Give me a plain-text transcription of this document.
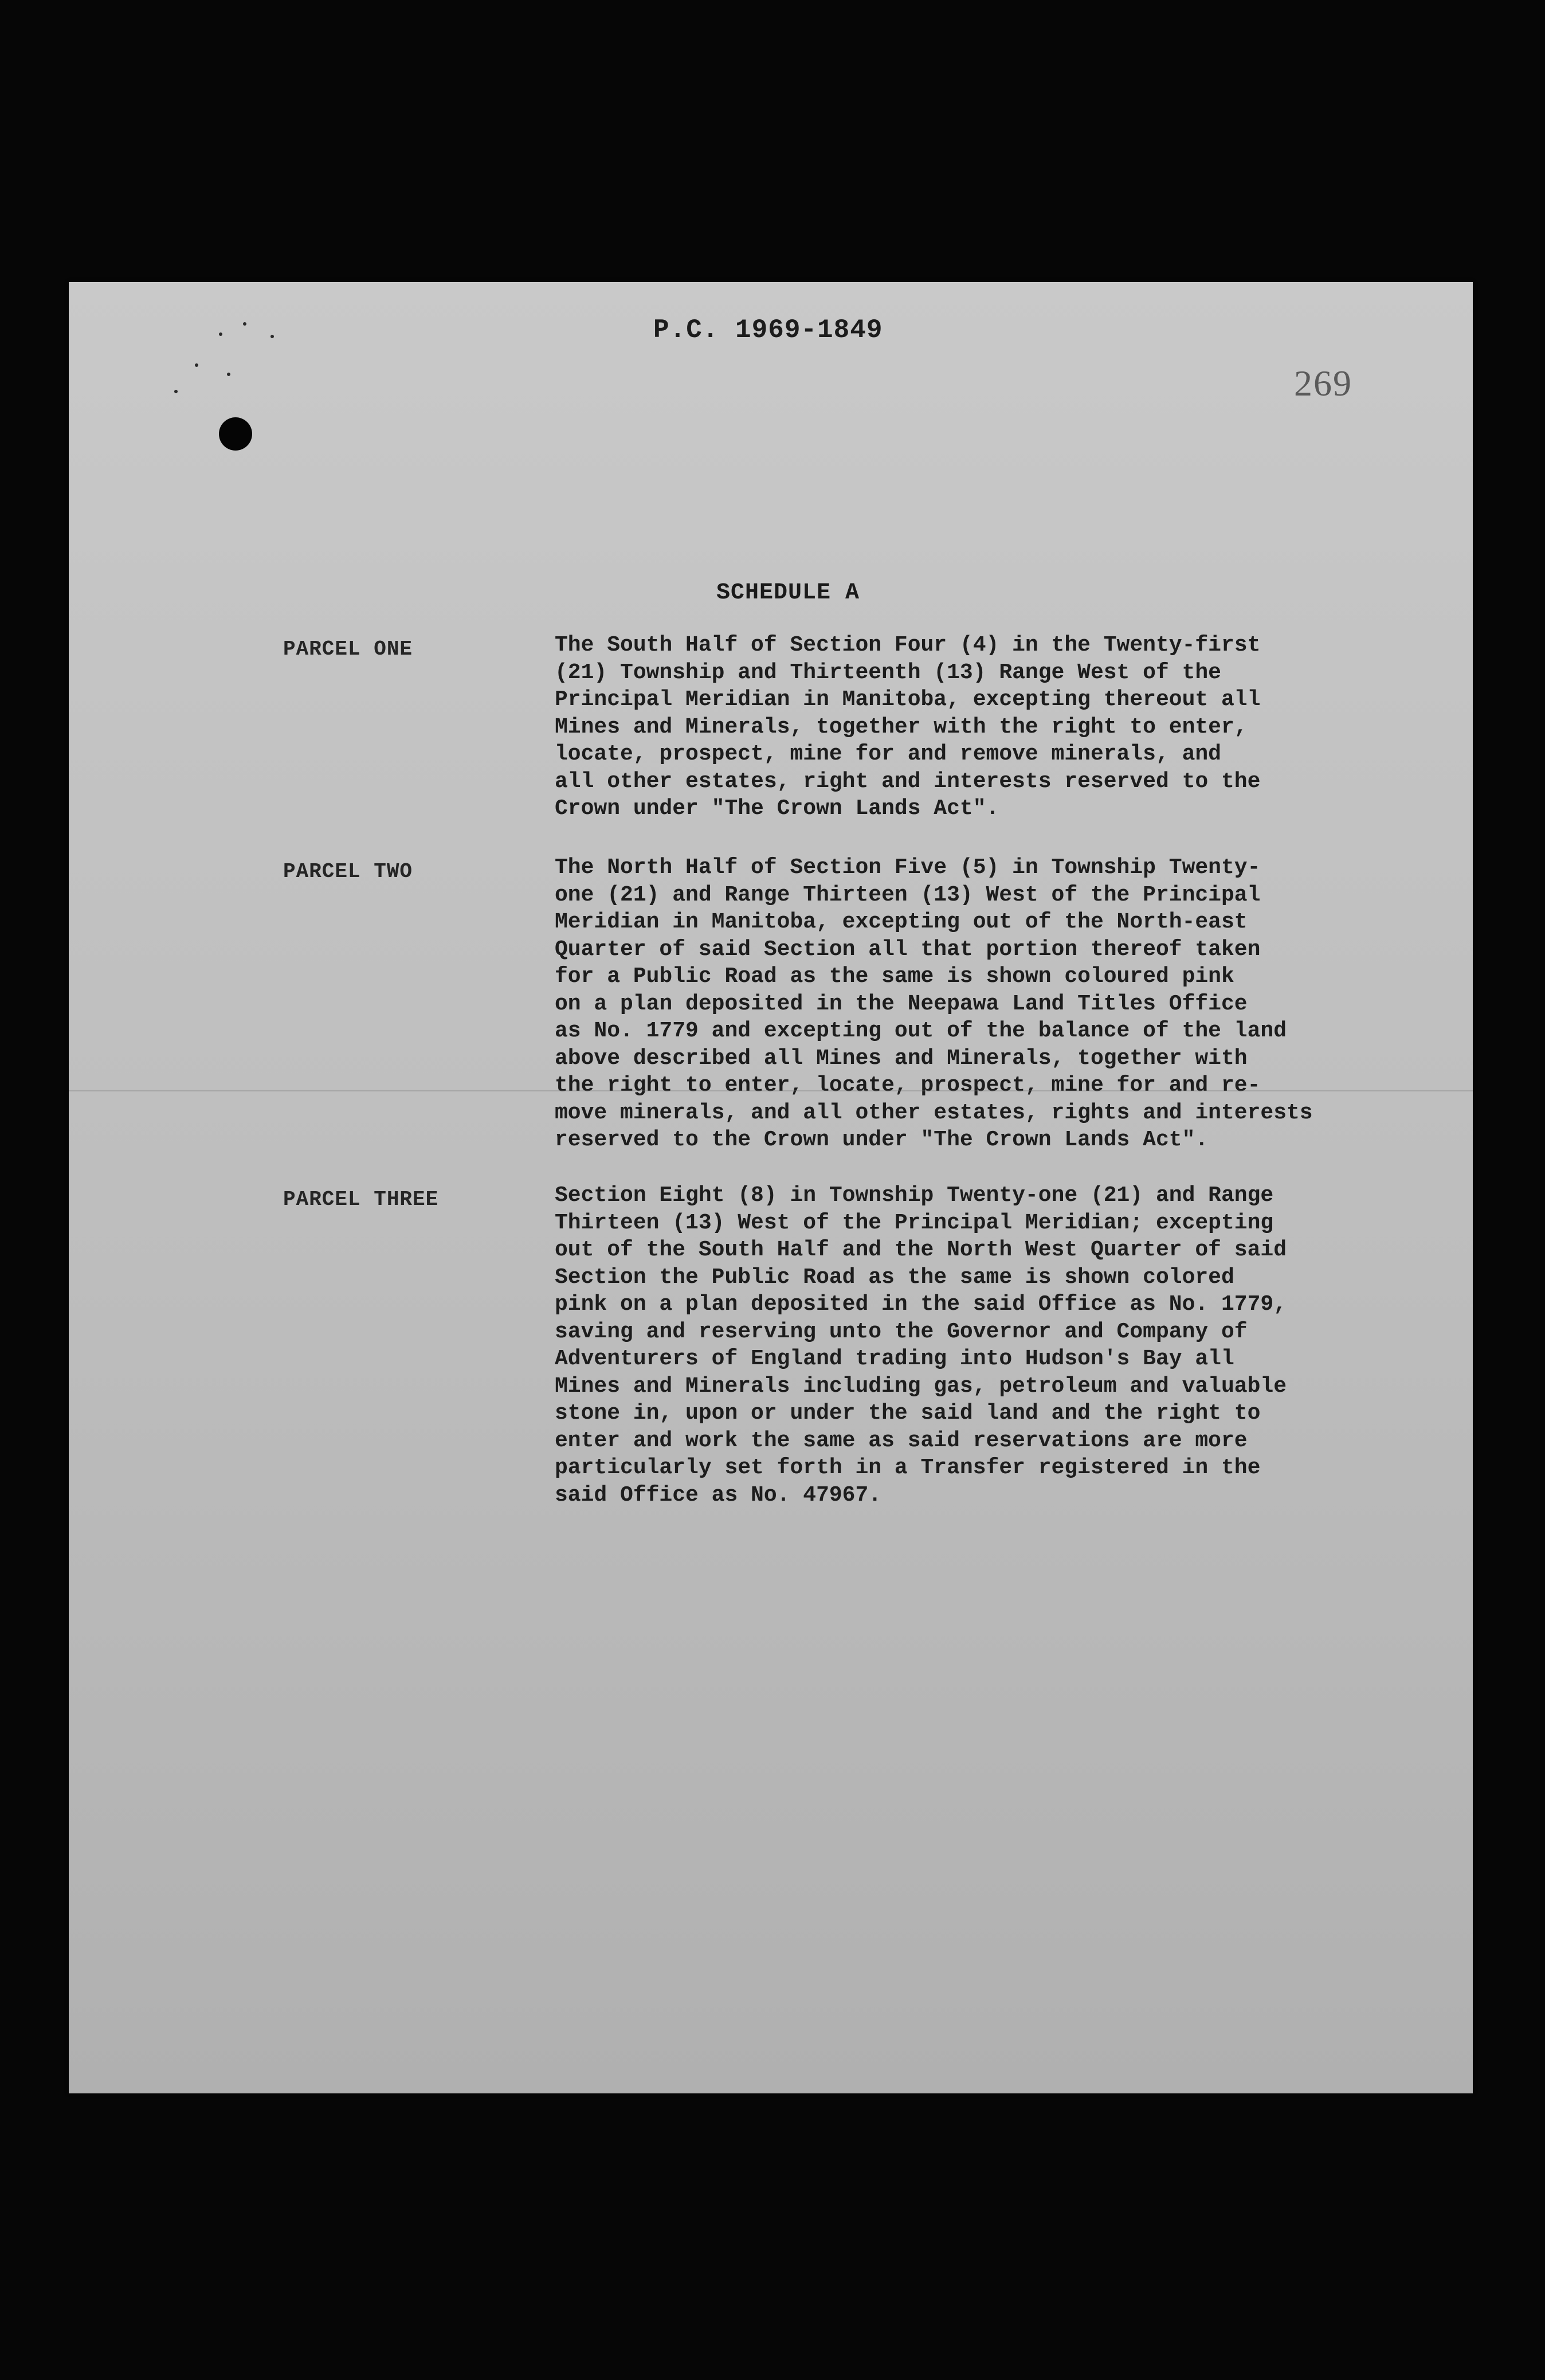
P.C. 1969-1849
269
SCHEDULE A
PARCEL ONE	The South Half of Section Four (4) in the Twenty-first
(21) Township and Thirteenth (13) Range West of the
Principal Meridian in Manitoba, excepting thereout all
Mines and Minerals, together with the right to enter,
locate, prospect, mine for and remove minerals, and
all other estates, right and interests reserved to the
Crown under "The Crown Lands Act".

PARCEL TWO	The North Half of Section Five (5) in Township Twenty-
one (21) and Range Thirteen (13) West of the Principal
Meridian in Manitoba, excepting out of the North-east
Quarter of said Section all that portion thereof taken
for a Public Road as the same is shown coloured pink
on a plan deposited in the Neepawa Land Titles Office
as No. 1779 and excepting out of the balance of the land
above described all Mines and Minerals, together with
the right to enter, locate, prospect, mine for and re-
move minerals, and all other estates, rights and interests
reserved to the Crown under "The Crown Lands Act".

PARCEL THREE	Section Eight (8) in Township Twenty-one (21) and Range
Thirteen (13) West of the Principal Meridian; excepting
out of the South Half and the North West Quarter of said
Section the Public Road as the same is shown colored
pink on a plan deposited in the said Office as No. 1779,
saving and reserving unto the Governor and Company of
Adventurers of England trading into Hudson's Bay all
Mines and Minerals including gas, petroleum and valuable
stone in, upon or under the said land and the right to
enter and work the same as said reservations are more
particularly set forth in a Transfer registered in the
said Office as No. 47967.
